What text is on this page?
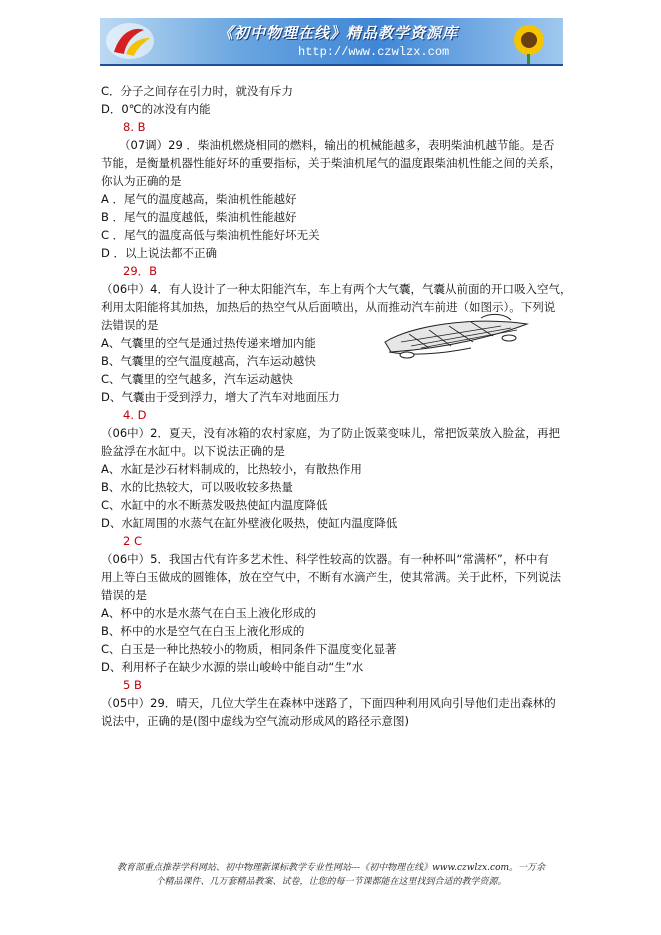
《初中物理在线》精品教学资源库
http://www.czwlzx.com
C．分子之间存在引力时，就没有斥力
D．0℃的冰没有内能
8. B
（07调）29 ．柴油机燃烧相同的燃料，输出的机械能越多，表明柴油机越节能。是否
节能，是衡量机器性能好坏的重要指标，关于柴油机尾气的温度跟柴油机性能之间的关系，
你认为正确的是
A ．尾气的温度越高，柴油机性能越好
B ．尾气的温度越低，柴油机性能越好
C ．尾气的温度高低与柴油机性能好坏无关
D ．以上说法都不正确
29．B
（06中）4．有人设计了一种太阳能汽车，车上有两个大气囊，气囊从前面的开口吸入空气，
利用太阳能将其加热，加热后的热空气从后面喷出，从而推动汽车前进（如图示）。下列说
法错误的是
A、气囊里的空气是通过热传递来增加内能
B、气囊里的空气温度越高，汽车运动越快
C、气囊里的空气越多，汽车运动越快
D、气囊由于受到浮力，增大了汽车对地面压力
4. D
（06中）2．夏天，没有冰箱的农村家庭，为了防止饭菜变味儿，常把饭菜放入脸盆，再把
脸盆浮在水缸中。以下说法正确的是
A、水缸是沙石材料制成的，比热较小，有散热作用
B、水的比热较大，可以吸收较多热量
C、水缸中的水不断蒸发吸热使缸内温度降低
D、水缸周围的水蒸气在缸外壁液化吸热，使缸内温度降低
2 C
（06中）5．我国古代有许多艺术性、科学性较高的饮器。有一种杯叫“常满杯”，杯中有
用上等白玉做成的圆锥体，放在空气中，不断有水滴产生，使其常满。关于此杯，下列说法
错误的是
A、杯中的水是水蒸气在白玉上液化形成的
B、杯中的水是空气在白玉上液化形成的
C、白玉是一种比热较小的物质，相同条件下温度变化显著
D、利用杯子在缺少水源的崇山峻岭中能自动“生”水
5 B
（05中）29．晴天，几位大学生在森林中迷路了，下面四种利用风向引导他们走出森林的
说法中，正确的是(图中虚线为空气流动形成风的路径示意图)
教育部重点推荐学科网站、初中物理新课标教学专业性网站---《初中物理在线》www.czwlzx.com。一万余
个精品课件、几万套精品教案、试卷，让您的每一节课都能在这里找到合适的教学资源。
